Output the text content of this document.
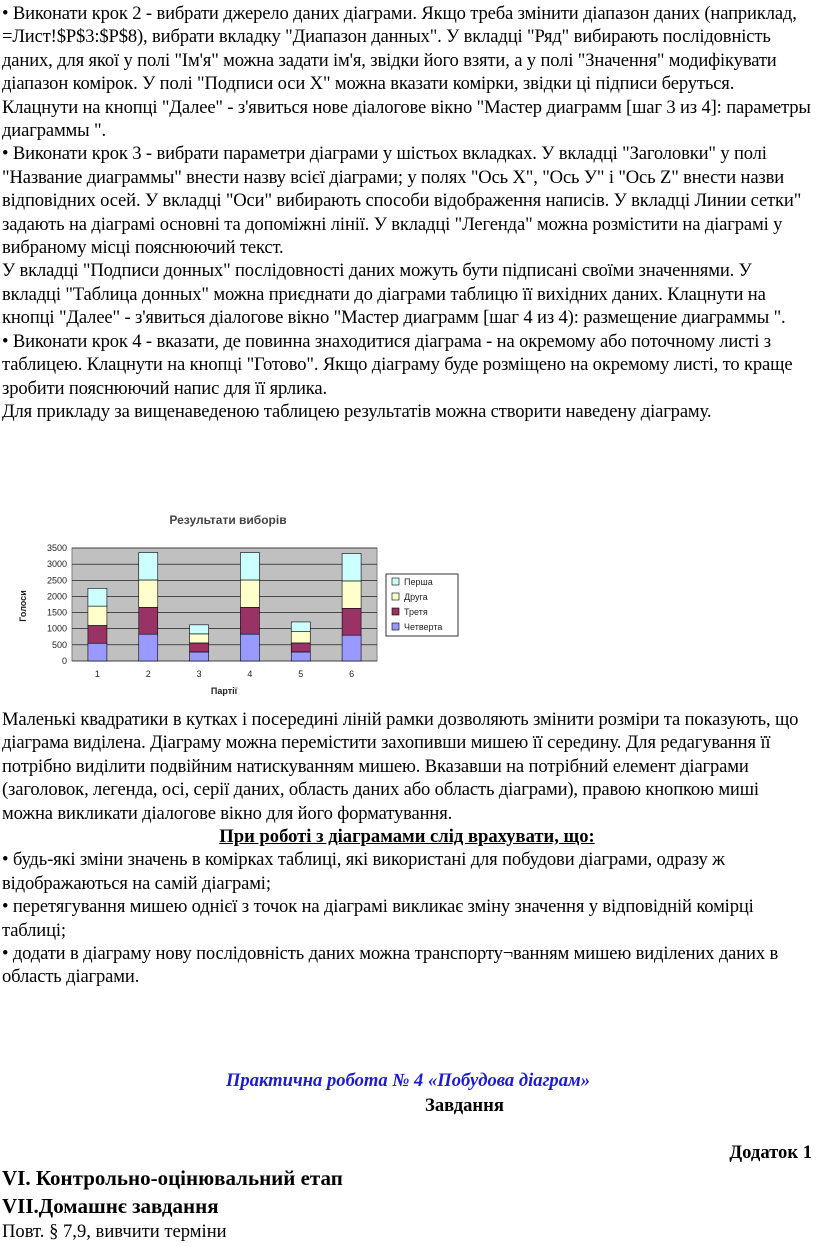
• Виконати крок 2 - вибрати джерело даних діаграми. Якщо треба змінити діапазон даних (наприклад, =Лист!$P$3:$P$8), вибрати вкладку "Диапазон данных". У вкладці "Ряд" вибирають послідовність даних, для якої у полі "Ім'я" можна задати ім'я, звідки його взяти, а у полі "Значення" модифікувати діапазон комірок. У полі "Подписи оси X" можна вказати комірки, звідки ці підписи беруться. Клацнути на кнопці "Далее" - з'явиться нове діалогове вікно "Мастер диаграмм [шаг 3 из 4]: параметры диаграммы ".

• Виконати крок 3 - вибрати параметри діаграми у шістьох вкладках. У вкладці "Заголовки" у полі "Название диаграммы" внести назву всієї діаграми; у полях "Ось X", "Ось У" і "Ось Z" внести назви відповідних осей. У вкладці "Оси" вибирають способи відображення написів. У вкладці Линии сетки" задають на діаграмі основні та допоміжні лінії. У вкладці "Легенда" можна розмістити на діаграмі у вибраному місці пояснюючий текст.

У вкладці "Подписи донных" послідовності даних можуть бути підписані своїми значеннями. У вкладці "Таблица донных" можна приєднати до діаграми таблицю її вихідних даних. Клацнути на кнопці "Далее" - з'явиться діалогове вікно "Мастер диаграмм [шаг 4 из 4): размещение диаграммы ".

• Виконати крок 4 - вказати, де повинна знаходитися діаграма - на окремому або поточному листі з таблицею. Клацнути на кнопці "Готово". Якщо діаграму буде розміщено на окремому листі, то краще зробити пояснюючий напис для її ярлика.

Для прикладу за вищенаведеною таблицею результатів можна створити наведену діаграму.

Результати виборів
0
500
1000
1500
2000
2500
3000
3500
1	2	3	4	5	6
Голоси
Партії
Перша
Друга
Третя
Четверта

Маленькі квадратики в кутках і посередині ліній рамки дозволяють змінити розміри та показують, що діаграма виділена. Діаграму можна перемістити захопивши мишею її середину. Для редагування її потрібно виділити подвійним натискуванням мишею. Вказавши на потрібний елемент діаграми (заголовок, легенда, осі, серії даних, область даних або область діаграми), правою кнопкою миші можна викликати діалогове вікно для його форматування.

При роботі з діаграмами слід врахувати, що:

• будь-які зміни значень в комірках таблиці, які використані для побудови діаграми, одразу ж відображаються на самій діаграмі;

• перетягування мишею однієї з точок на діаграмі викликає зміну значення у відповідній комірці таблиці;

• додати в діаграму нову послідовність даних можна транспорту¬ванням мишею виділених даних в область діаграми.

Практична робота № 4 «Побудова діаграм»
Завдання
Додаток 1
VI. Контрольно-оцінювальний етап
VII.Домашнє завдання
Повт. § 7,9, вивчити терміни
